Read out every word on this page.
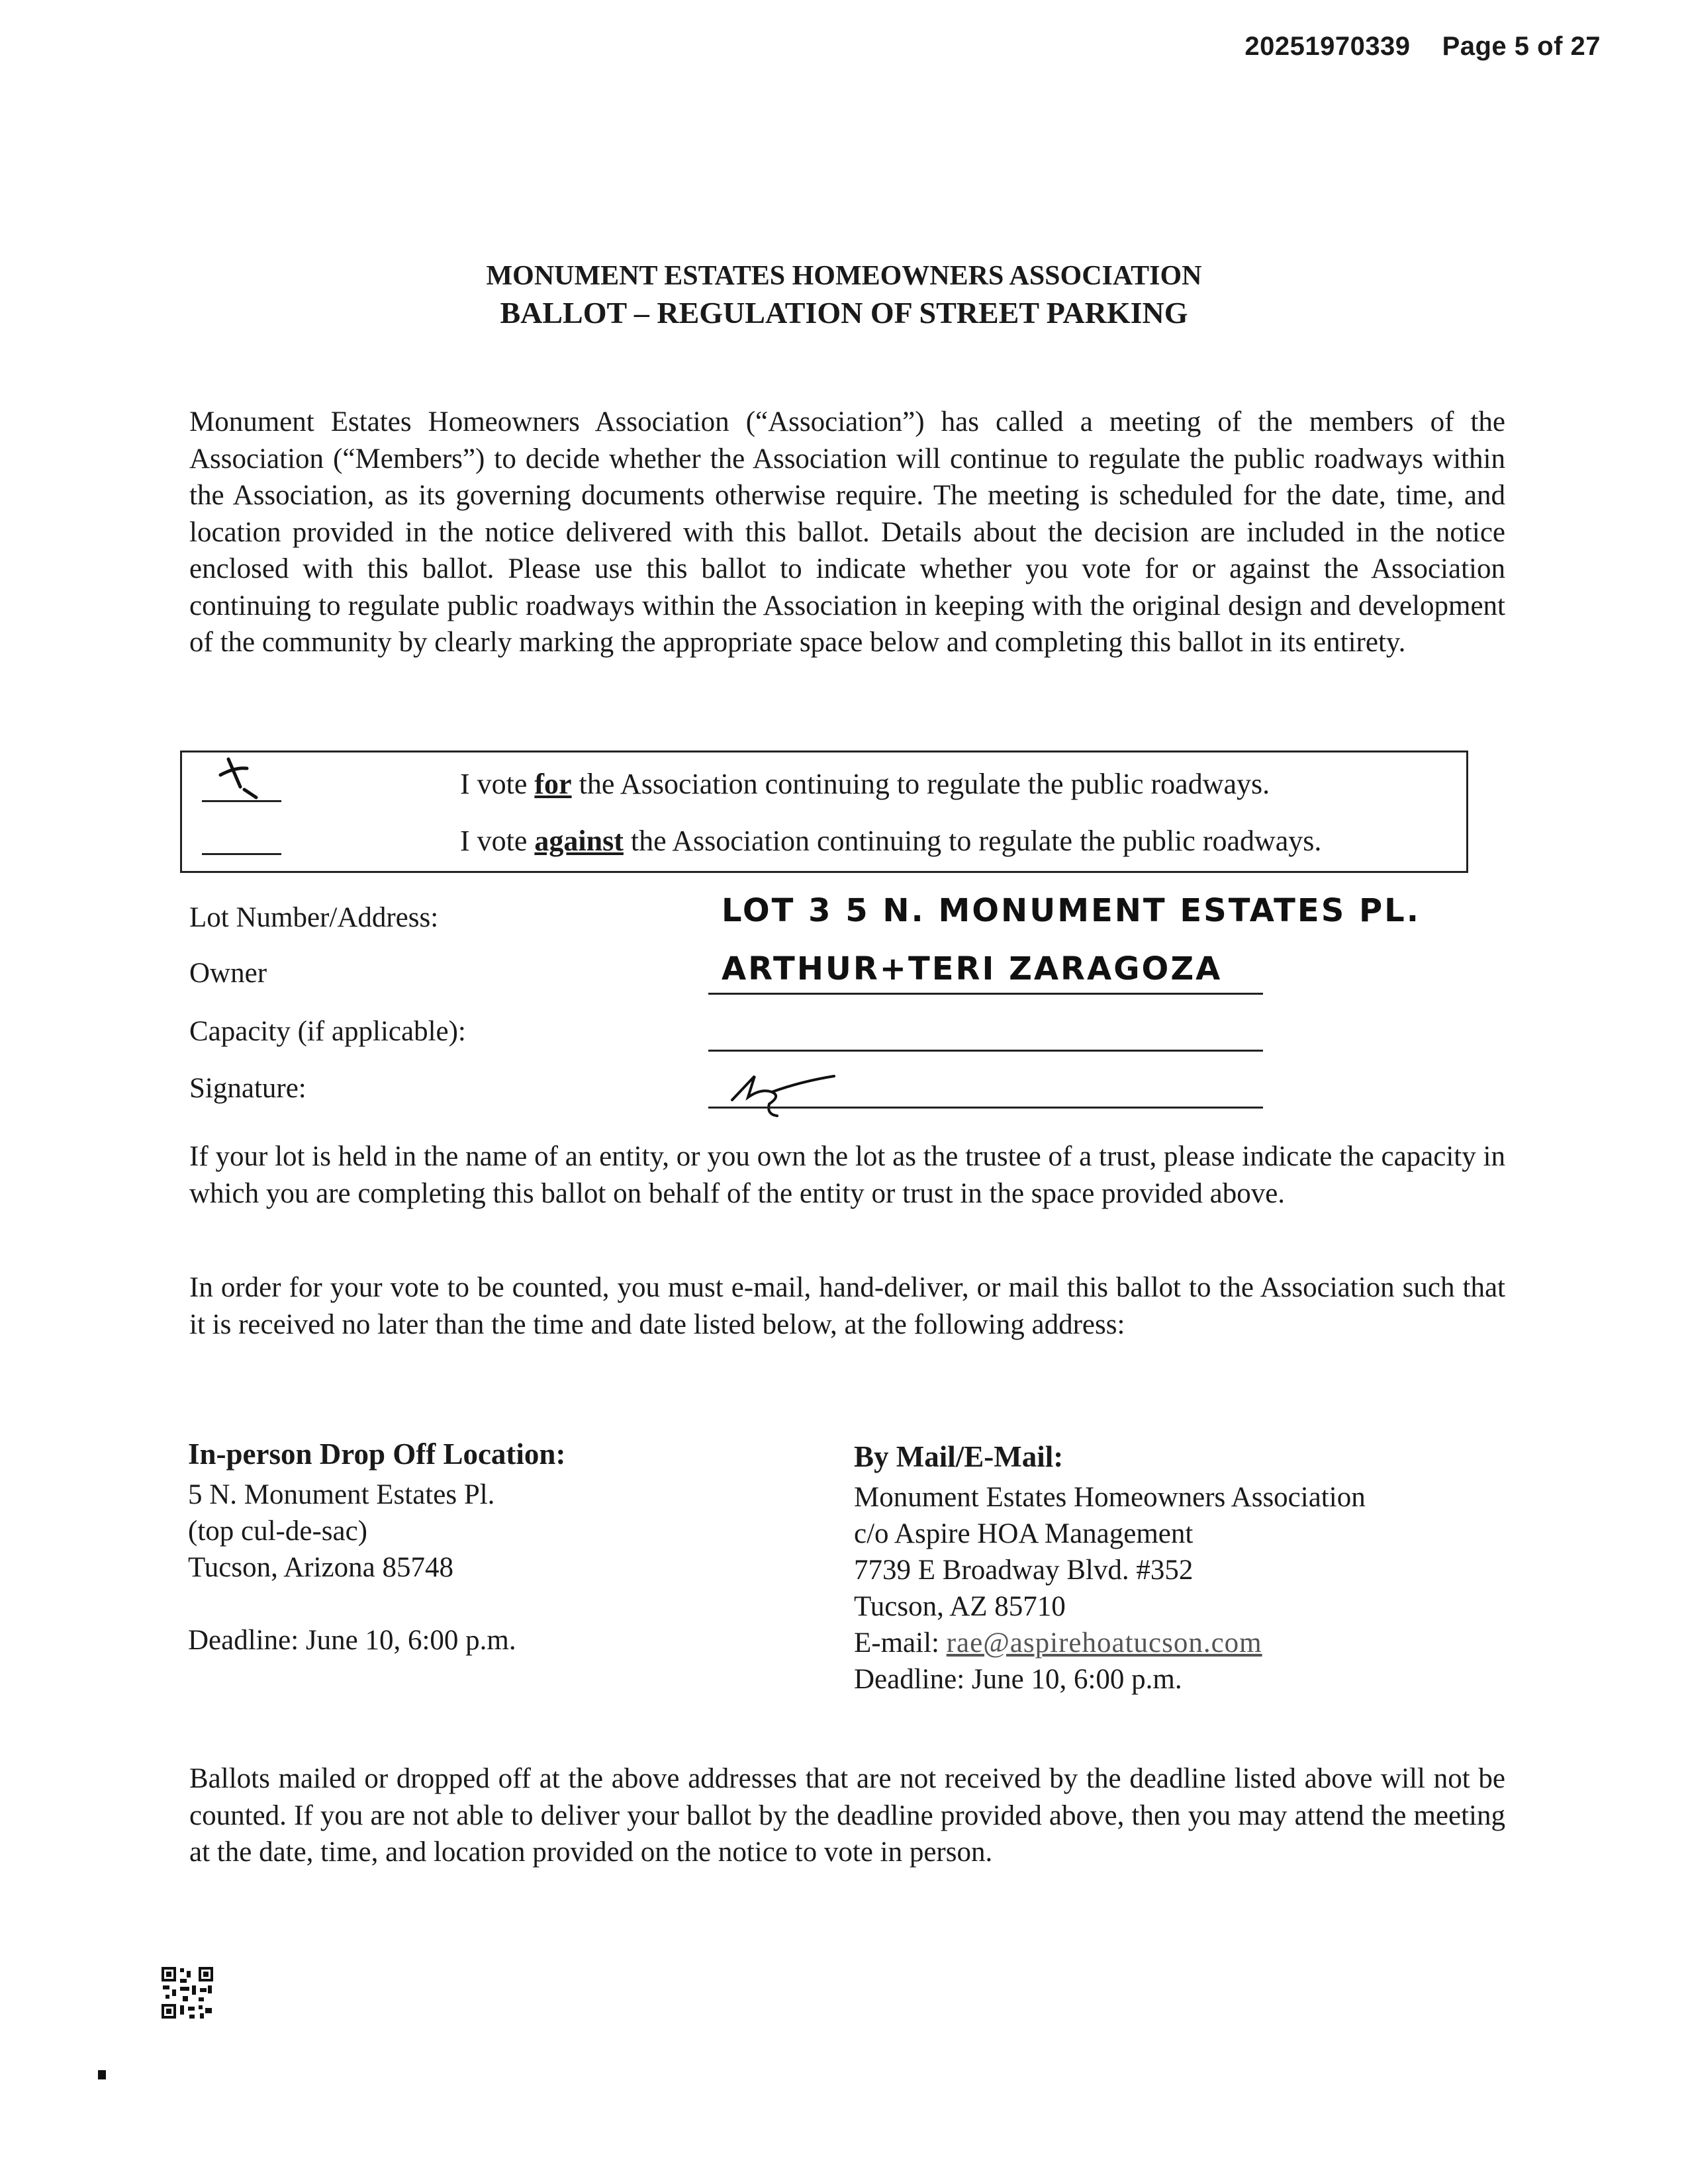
20251970339 Page 5 of 27
MONUMENT ESTATES HOMEOWNERS ASSOCIATION
BALLOT – REGULATION OF STREET PARKING
Monument Estates Homeowners Association (“Association”) has called a meeting of the members of the Association (“Members”) to decide whether the Association will continue to regulate the public roadways within the Association, as its governing documents otherwise require. The meeting is scheduled for the date, time, and location provided in the notice delivered with this ballot. Details about the decision are included in the notice enclosed with this ballot. Please use this ballot to indicate whether you vote for or against the Association continuing to regulate public roadways within the Association in keeping with the original design and development of the community by clearly marking the appropriate space below and completing this ballot in its entirety.
I vote for the Association continuing to regulate the public roadways.
I vote against the Association continuing to regulate the public roadways.
Lot Number/Address:	LOT 3 5 N. MONUMENT ESTATES PL.
Owner	ARTHUR+TERI ZARAGOZA
Capacity (if applicable):
Signature:
If your lot is held in the name of an entity, or you own the lot as the trustee of a trust, please indicate the capacity in which you are completing this ballot on behalf of the entity or trust in the space provided above.
In order for your vote to be counted, you must e-mail, hand-deliver, or mail this ballot to the Association such that it is received no later than the time and date listed below, at the following address:
In-person Drop Off Location:
5 N. Monument Estates Pl.
(top cul-de-sac)
Tucson, Arizona 85748
Deadline: June 10, 6:00 p.m.
By Mail/E-Mail:
Monument Estates Homeowners Association
c/o Aspire HOA Management
7739 E Broadway Blvd. #352
Tucson, AZ 85710
E-mail: rae@aspirehoatucson.com
Deadline: June 10, 6:00 p.m.
Ballots mailed or dropped off at the above addresses that are not received by the deadline listed above will not be counted. If you are not able to deliver your ballot by the deadline provided above, then you may attend the meeting at the date, time, and location provided on the notice to vote in person.
